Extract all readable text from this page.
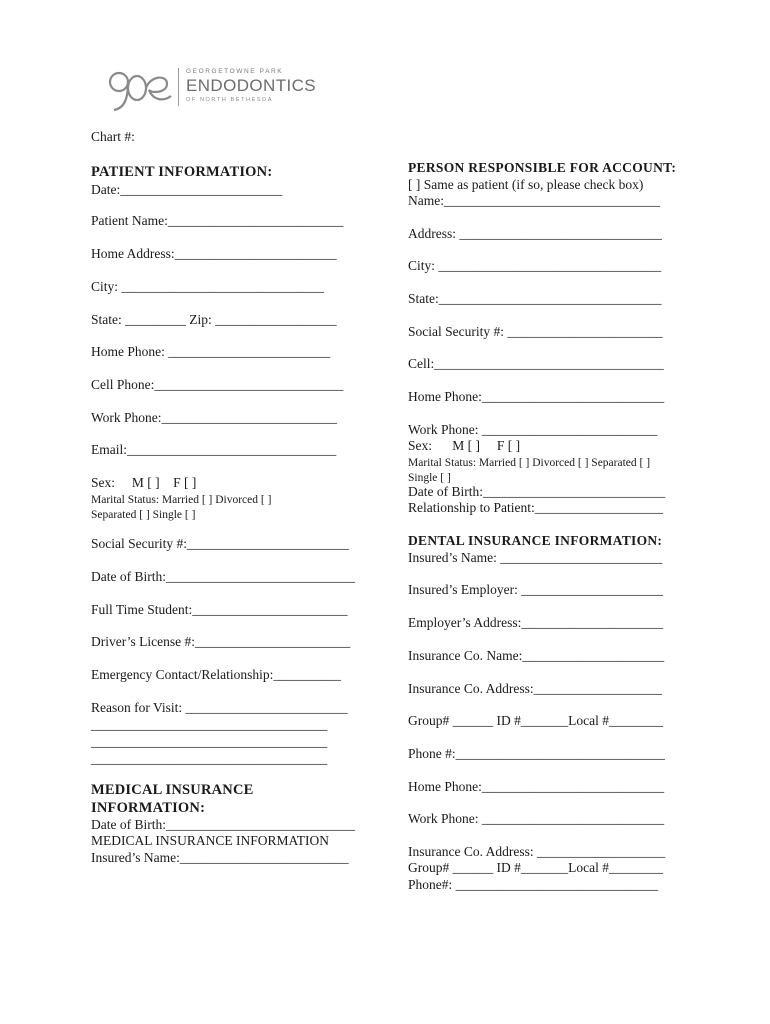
GEORGETOWNE PARK
ENDODONTICS
OF NORTH BETHESDA
Chart #:
PATIENT INFORMATION:
Date:________________________
Patient Name:__________________________
Home Address:________________________
City: ______________________________
State: _________ Zip: __________________
Home Phone: ________________________
Cell Phone:____________________________
Work Phone:__________________________
Email:_______________________________
Sex:     M [ ]    F [ ]
Marital Status: Married [ ] Divorced [ ]
Separated [ ] Single [ ]
Social Security #:________________________
Date of Birth:____________________________
Full Time Student:_______________________
Driver’s License #:_______________________
Emergency Contact/Relationship:__________
Reason for Visit: ________________________
___________________________________
___________________________________
___________________________________
MEDICAL INSURANCE
INFORMATION:
Date of Birth:____________________________
MEDICAL INSURANCE INFORMATION
Insured’s Name:_________________________
PERSON RESPONSIBLE FOR ACCOUNT:
[ ] Same as patient (if so, please check box)
Name:________________________________
Address: ______________________________
City: _________________________________
State:_________________________________
Social Security #: _______________________
Cell:__________________________________
Home Phone:___________________________
Work Phone: __________________________
Sex:      M [ ]     F [ ]
Marital Status: Married [ ] Divorced [ ] Separated [ ]
Single [ ]
Date of Birth:___________________________
Relationship to Patient:___________________
DENTAL INSURANCE INFORMATION:
Insured’s Name: ________________________
Insured’s Employer: _____________________
Employer’s Address:_____________________
Insurance Co. Name:_____________________
Insurance Co. Address:___________________
Group# ______ ID #_______Local #________
Phone #:_______________________________
Home Phone:___________________________
Work Phone: ___________________________
Insurance Co. Address: ___________________
Group# ______ ID #_______Local #________
Phone#: ______________________________
